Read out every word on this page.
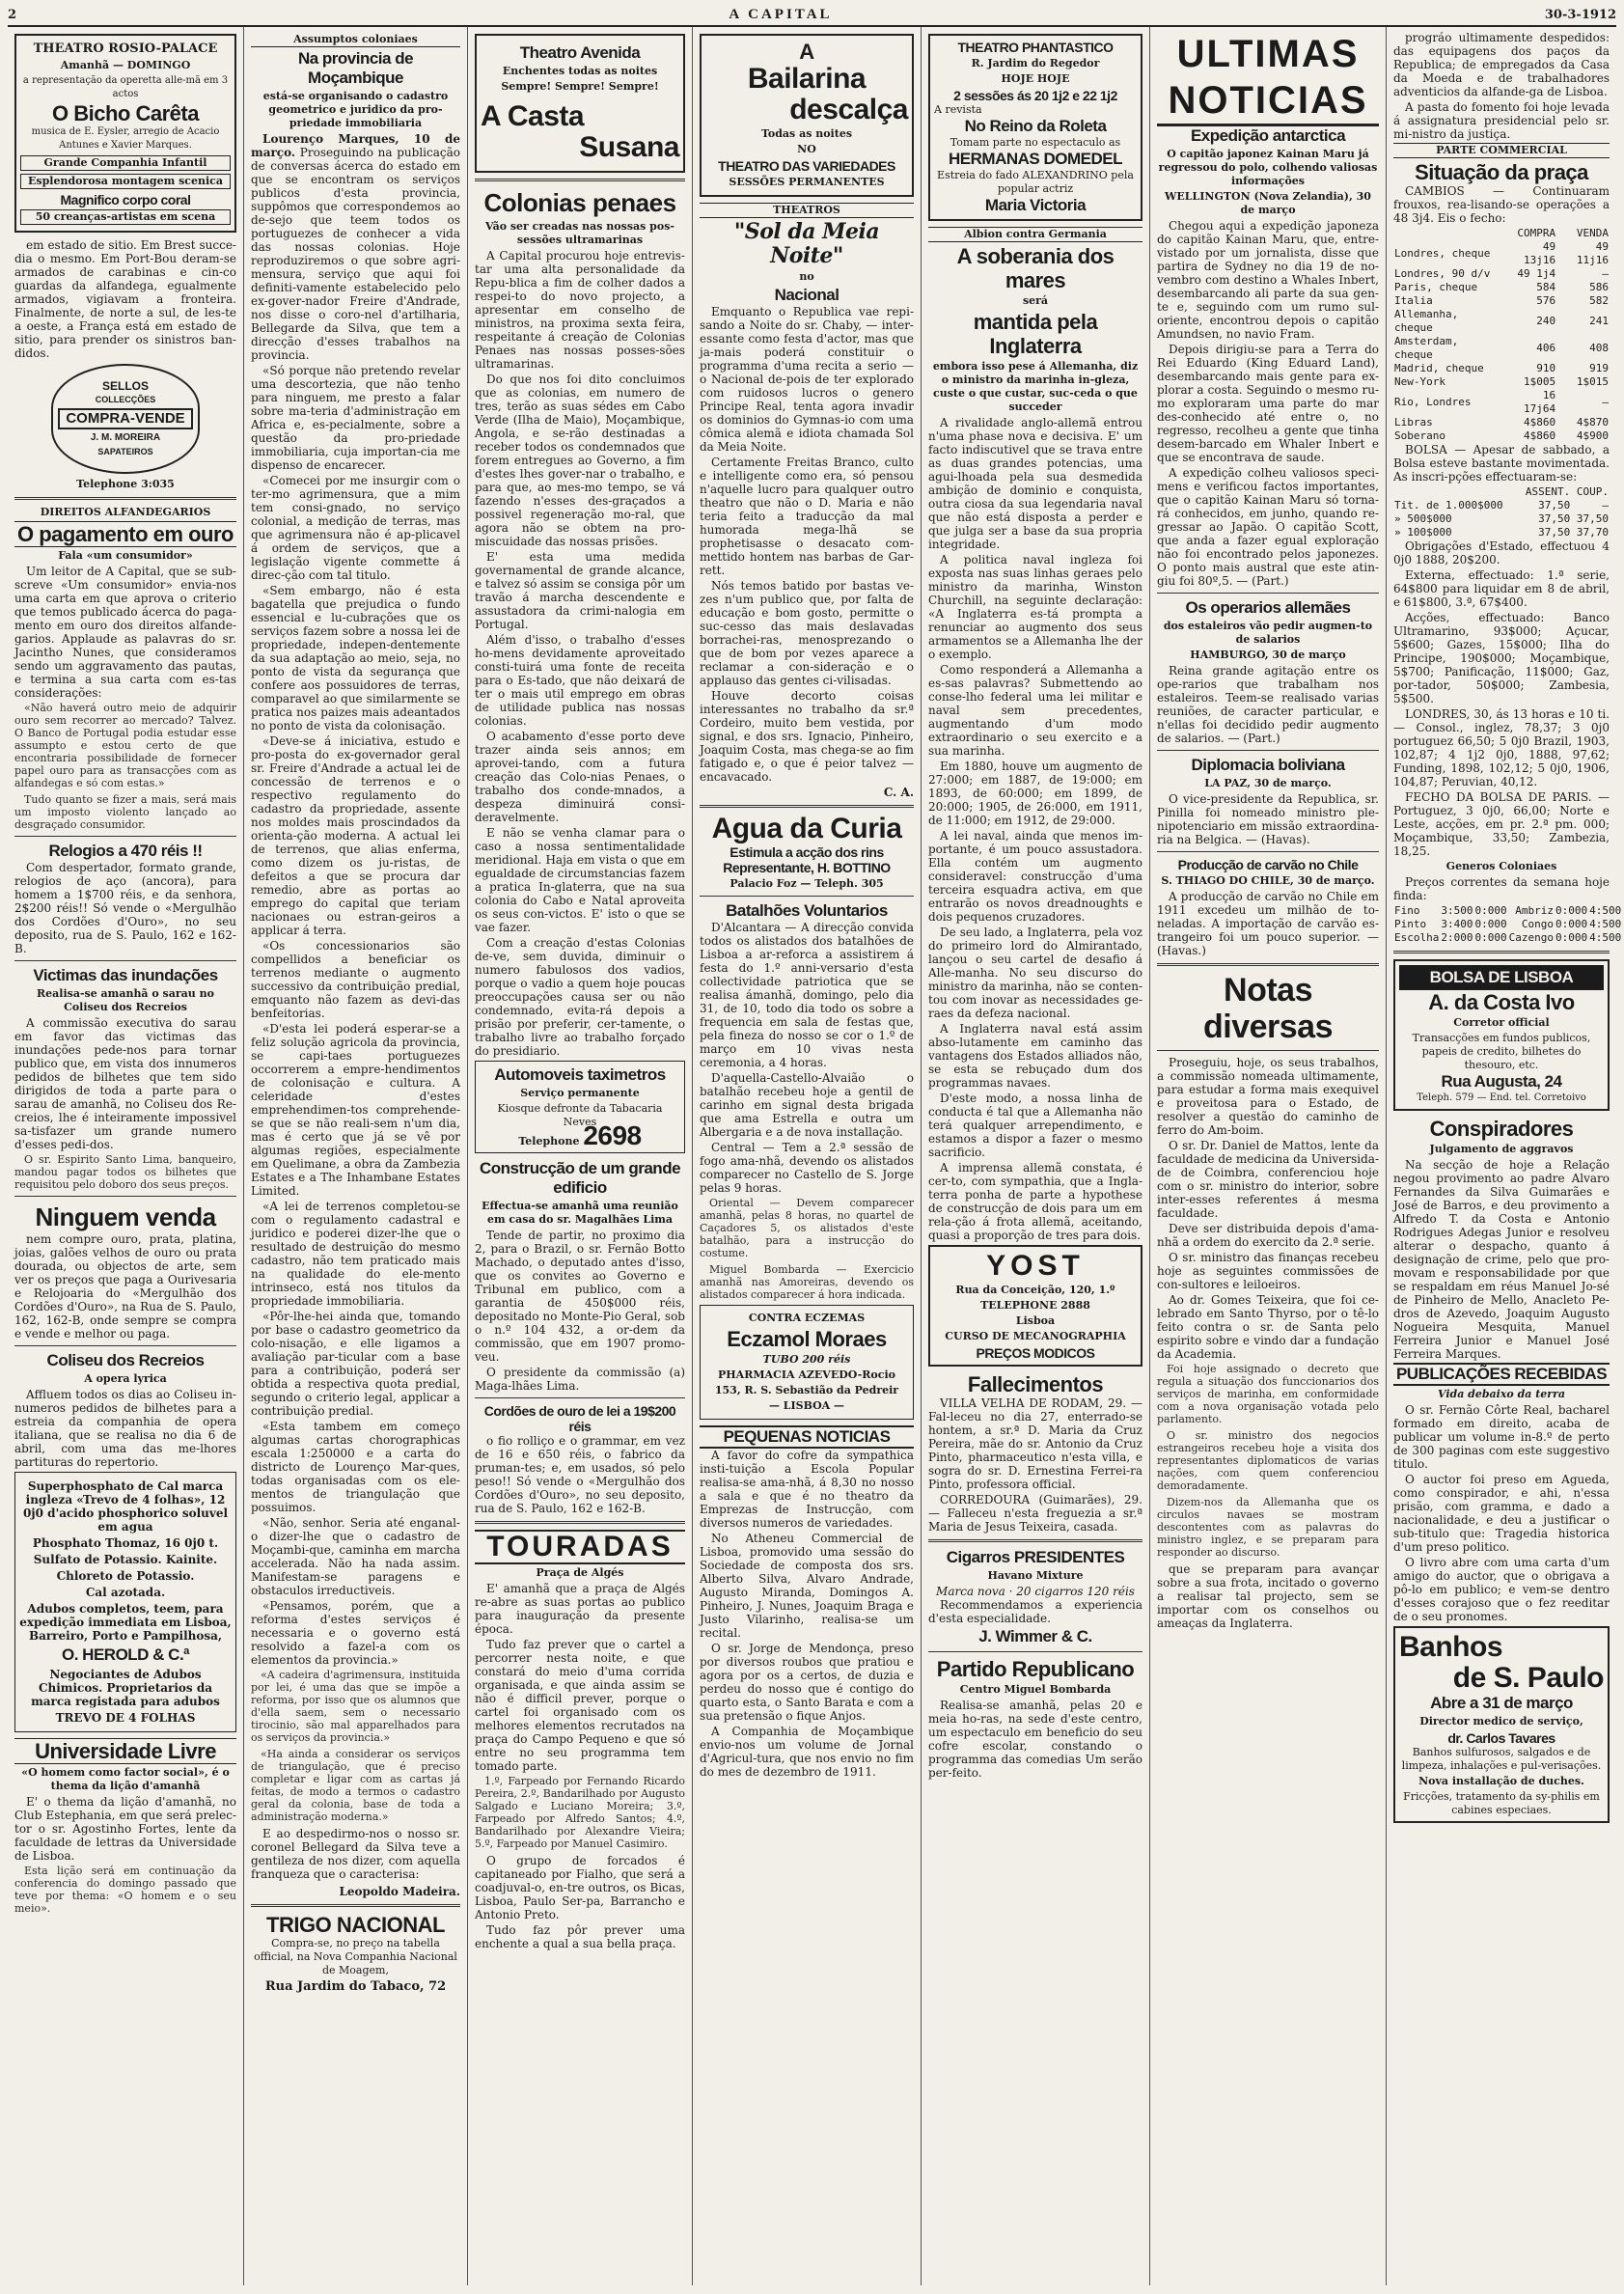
2	A CAPITAL	30-3-1912
THEATRO ROSIO-PALACE
Amanhã — DOMINGO
a representação da operetta alle-mã em 3 actos
O Bicho Carêta
musica de E. Eysler, arregio de Acacio Antunes e Xavier Marques.
Grande Companhia Infantil
Esplendorosa montagem scenica
Magnifico corpo coral
50 creanças-artistas em scena

em estado de sitio. Em Brest succe-dia o mesmo. Em Port-Bou deram-se armados de carabinas e cin-co guardas da alfandega, egualmente armados, vigiavam a fronteira. Finalmente, de norte a sul, de les-te a oeste, a França está em estado de sitio, para prender os sinistros ban-didos.

SELLOS
COLLECÇÕES
COMPRA-VENDE
J. M. MOREIRA
SAPATEIROS
Telephone 3:035
DIREITOS ALFANDEGARIOS
O pagamento em ouro
Fala «um consumidor»

Um leitor de A Capital, que se sub-screve «Um consumidor» envia-nos uma carta em que aprova o criterio que temos publicado ácerca do paga-mento em ouro dos direitos alfande-garios. Applaude as palavras do sr. Jacintho Nunes, que consideramos sendo um aggravamento das pautas, e termina a sua carta com es-tas considerações:

«Não haverá outro meio de adquirir ouro sem recorrer ao mercado? Talvez. O Banco de Portugal podia estudar esse assumpto e estou certo de que encontraria possibilidade de fornecer papel ouro para as transacções com as alfandegas e só com estas.»

Tudo quanto se fizer a mais, será mais um imposto violento lançado ao desgraçado consumidor.

Relogios a 470 réis !!

Com despertador, formato grande, relogios de aço (ancora), para homem a 1$700 réis, e da senhora, 2$200 réis!! Só vende o «Mergulhão dos Cordões d'Ouro», no seu deposito, rua de S. Paulo, 162 e 162-B.

Victimas das inundações
Realisa-se amanhã o sarau no Coliseu dos Recreios

A commissão executiva do sarau em favor das victimas das inundações pede-nos para tornar publico que, em vista dos innumeros pedidos de bilhetes que tem sido dirigidos de toda a parte para o sarau de amanhã, no Coliseu dos Re-creios, lhe é inteiramente impossivel sa-tisfazer um grande numero d'esses pedi-dos.

O sr. Espirito Santo Lima, banqueiro, mandou pagar todos os bilhetes que requisitou pelo doboro dos seus preços.

Ninguem venda

nem compre ouro, prata, platina, joias, galões velhos de ouro ou prata dourada, ou objectos de arte, sem ver os preços que paga a Ourivesaria e Relojoaria do «Mergulhão dos Cordões d'Ouro», na Rua de S. Paulo, 162, 162-B, onde sempre se compra e vende e melhor ou paga.

Coliseu dos Recreios
A opera lyrica

Affluem todos os dias ao Coliseu in-numeros pedidos de bilhetes para a estreia da companhia de opera italiana, que se realisa no dia 6 de abril, com uma das me-lhores partituras do repertorio.

Superphosphato de Cal marca ingleza «Trevo de 4 folhas», 12 0j0 d'acido phosphorico soluvel em agua
Phosphato Thomaz, 16 0j0 t.
Sulfato de Potassio. Kainite.
Chloreto de Potassio.
Cal azotada.
Adubos completos, teem, para expedição immediata em Lisboa, Barreiro, Porto e Pampilhosa,
O. HEROLD & C.ª
Negociantes de Adubos Chimicos. Proprietarios da marca registada para adubos
TREVO DE 4 FOLHAS
Universidade Livre
«O homem como factor social», é o thema da lição d'amanhã

E' o thema da lição d'amanhã, no Club Estephania, em que será prelec-tor o sr. Agostinho Fortes, lente da faculdade de lettras da Universidade de Lisboa.

Esta lição será em continuação da conferencia do domingo passado que teve por thema: «O homem e o seu meio».

Assumptos coloniaes
Na provincia de Moçambique
está-se organisando o cadastro geometrico e juridico da pro-priedade immobiliaria

Lourenço Marques, 10 de março. Proseguindo na publicação de conversas ácerca do estado em que se encontram os serviços publicos d'esta provincia, suppômos que correspondemos ao de-sejo que teem todos os portuguezes de conhecer a vida das nossas colonias. Hoje reproduziremos o que sobre agri-mensura, serviço que aqui foi definiti-vamente estabelecido pelo ex-gover-nador Freire d'Andrade, nos disse o coro-nel d'artilharia, Bellegarde da Silva, que tem a direcção d'esses trabalhos na provincia.

«Só porque não pretendo revelar uma descortezia, que não tenho para ninguem, me presto a falar sobre ma-teria d'administração em Africa e, es-pecialmente, sobre a questão da pro-priedade immobiliaria, cuja importan-cia me dispenso de encarecer.

«Comecei por me insurgir com o ter-mo agrimensura, que a mim tem consi-gnado, no serviço colonial, a medição de terras, mas que agrimensura não é ap-plicavel á ordem de serviços, que a legislação vigente commette á direc-ção com tal titulo.

«Sem embargo, não é esta bagatella que prejudica o fundo essencial e lu-cubrações que os serviços fazem sobre a nossa lei de propriedade, indepen-dentemente da sua adaptação ao meio, seja, no ponto de vista da segurança que confere aos possuidores de terras, comparavel ao que similarmente se pratica nos paizes mais adeantados no ponto de vista da colonisação.

«Deve-se á iniciativa, estudo e pro-posta do ex-governador geral sr. Freire d'Andrade a actual lei de concessão de terrenos e o respectivo regulamento do cadastro da propriedade, assente nos moldes mais proscindados da orienta-ção moderna. A actual lei de terrenos, que alias enferma, como dizem os ju-ristas, de defeitos a que se procura dar remedio, abre as portas ao emprego do capital que teriam nacionaes ou estran-geiros a applicar á terra.

«Os concessionarios são compellidos a beneficiar os terrenos mediante o augmento successivo da contribuição predial, emquanto não fazem as devi-das benfeitorias.

«D'esta lei poderá esperar-se a feliz solução agricola da provincia, se capi-taes portuguezes occorrerem a empre-hendimentos de colonisação e cultura. A celeridade d'estes emprehendimen-tos comprehende-se que se não reali-sem n'um dia, mas é certo que já se vê por algumas regiões, especialmente em Quelimane, a obra da Zambezia Estates e a The Inhambane Estates Limited.

«A lei de terrenos completou-se com o regulamento cadastral e juridico e poderei dizer-lhe que o resultado de destruição do mesmo cadastro, não tem praticado mais na qualidade do ele-mento intrinseco, está nos titulos da propriedade immobiliaria.

«Pôr-lhe-hei ainda que, tomando por base o cadastro geometrico da colo-nisação, e elle ligamos a avaliação par-ticular com a base para a contribuição, poderá ser obtida a respectiva quota predial, segundo o criterio legal, applicar a contribuição predial.

«Esta tambem em começo algumas cartas chorographicas escala 1:250000 e a carta do districto de Lourenço Mar-ques, todas organisadas com os ele-mentos de triangulação que possuimos.

«Não, senhor. Seria até enganal-o dizer-lhe que o cadastro de Moçambi-que, caminha em marcha accelerada. Não ha nada assim. Manifestam-se paragens e obstaculos irreductiveis.

«Pensamos, porém, que a reforma d'estes serviços é necessaria e o governo está resolvido a fazel-a com os elementos da provincia.»

«A cadeira d'agrimensura, instituida por lei, é uma das que se impõe a reforma, por isso que os alumnos que d'ella saem, sem o necessario tirocinio, são mal apparelhados para os serviços da provincia.»

«Ha ainda a considerar os serviços de triangulação, que é preciso completar e ligar com as cartas já feitas, de modo a termos o cadastro geral da colonia, base de toda a administração moderna.»

E ao despedirmo-nos o nosso sr. coronel Bellegard da Silva teve a gentileza de nos dizer, com aquella franqueza que o caracterisa:

Leopoldo Madeira.
TRIGO NACIONAL
Compra-se, no preço na tabella official, na Nova Companhia Nacional de Moagem,
Rua Jardim do Tabaco, 72
Theatro Avenida
Enchentes todas as noites
Sempre! Sempre! Sempre!
A Casta
Susana
Colonias penaes
Vão ser creadas nas nossas pos-sessões ultramarinas

A Capital procurou hoje entrevis-tar uma alta personalidade da Repu-blica a fim de colher dados a respei-to do novo projecto, a apresentar em conselho de ministros, na proxima sexta feira, respeitante á creação de Colonias Penaes nas nossas posses-sões ultramarinas.

Do que nos foi dito concluimos que as colonias, em numero de tres, terão as suas sédes em Cabo Verde (Ilha de Maio), Moçambique, Angola, e se-rão destinadas a receber todos os condemnados que forem entregues ao Governo, a fim d'estes lhes gover-nar o trabalho, e para que, ao mes-mo tempo, se vá fazendo n'esses des-graçados a possivel regeneração mo-ral, que agora não se obtem na pro-miscuidade das nossas prisões.

E' esta uma medida governamental de grande alcance, e talvez só assim se consiga pôr um travão á marcha descendente e assustadora da crimi-nalogia em Portugal.

Além d'isso, o trabalho d'esses ho-mens devidamente aproveitado consti-tuirá uma fonte de receita para o Es-tado, que não deixará de ter o mais util emprego em obras de utilidade publica nas nossas colonias.

O acabamento d'esse porto deve trazer ainda seis annos; em aprovei-tando, com a futura creação das Colo-nias Penaes, o trabalho dos conde-mnados, a despeza diminuirá consi-deravelmente.

E não se venha clamar para o caso a nossa sentimentalidade meridional. Haja em vista o que em egualdade de circumstancias fazem a pratica In-glaterra, que na sua colonia do Cabo e Natal aproveita os seus con-victos. E' isto o que se vae fazer.

Com a creação d'estas Colonias de-ve, sem duvida, diminuir o numero fabulosos dos vadios, porque o vadio a quem hoje poucas preoccupações causa ser ou não condemnado, evita-rá depois a prisão por preferir, cer-tamente, o trabalho livre ao trabalho forçado do presidiario.

Automoveis taximetros
Serviço permanente
Kiosque defronte da Tabacaria Neves
Telephone 2698
Construcção de um grande edificio
Effectua-se amanhã uma reunião em casa do sr. Magalhães Lima

Tende de partir, no proximo dia 2, para o Brazil, o sr. Fernão Botto Machado, o deputado antes d'isso, que os convites ao Governo e Tribunal em publico, com a garantia de 450$000 réis, depositado no Monte-Pio Geral, sob o n.º 104 432, a or-dem da commissão, que em 1907 promo-veu.

O presidente da commissão (a) Maga-lhães Lima.

Cordões de ouro de lei a 19$200 réis

o fio rolliço e o grammar, em vez de 16 e 650 réis, o fabrico da pruman-tes; e, em usados, só pelo peso!! Só vende o «Mergulhão dos Cordões d'Ouro», no seu deposito, rua de S. Paulo, 162 e 162-B.

TOURADAS
Praça de Algés

E' amanhã que a praça de Algés re-abre as suas portas ao publico para inauguração da presente época.

Tudo faz prever que o cartel a percorrer nesta noite, e que constará do meio d'uma corrida organisada, e que ainda assim se não é difficil prever, porque o cartel foi organisado com os melhores elementos recrutados na praça do Campo Pequeno e que só entre no seu programma tem tomado parte.

1.º, Farpeado por Fernando Ricardo Pereira, 2.º, Bandarilhado por Augusto Salgado e Luciano Moreira; 3.º, Farpeado por Alfredo Santos; 4.º, Bandarilhado por Alexandre Vieira; 5.º, Farpeado por Manuel Casimiro.

O grupo de forcados é capitaneado por Fialho, que será a coadjuval-o, en-tre outros, os Bicas, Lisboa, Paulo Ser-pa, Barrancho e Antonio Preto.

Tudo faz pôr prever uma enchente a qual a sua bella praça.

A
Bailarina
descalça
Todas as noites
NO
THEATRO DAS VARIEDADES
SESSÕES PERMANENTES
THEATROS
"Sol da Meia Noite"
no
Nacional

Emquanto o Republica vae repi-sando a Noite do sr. Chaby, — inter-essante como festa d'actor, mas que ja-mais poderá constituir o programma d'uma recita a serio — o Nacional de-pois de ter explorado com ruidosos lucros o genero Principe Real, tenta agora invadir os dominios do Gymnas-io com uma cômica alemã e idiota chamada Sol da Meia Noite.

Certamente Freitas Branco, culto e intelligente como era, só pensou n'aquelle lucro para qualquer outro theatro que não o D. Maria e não teria feito a traducção da mal humorada mega-lhã se prophetisasse o desacato com-mettido hontem nas barbas de Gar-rett.

Nós temos batido por bastas ve-zes n'um publico que, por falta de educação e bom gosto, permitte o suc-cesso das mais deslavadas borrachei-ras, menosprezando o que de bom por vezes aparece a reclamar a con-sideração e o applauso das gentes ci-vilisadas.

Houve decorto coisas interessantes no trabalho da sr.ª Cordeiro, muito bem vestida, por signal, e dos srs. Ignacio, Pinheiro, Joaquim Costa, mas chega-se ao fim fatigado e, o que é peior talvez — encavacado.

C. A.
Agua da Curia
Estimula a acção dos rins
Representante, H. BOTTINO
Palacio Foz — Teleph. 305
Batalhões Voluntarios

D'Alcantara — A direcção convida todos os alistados dos batalhões de Lisboa a ar-reforca a assistirem á festa do 1.º anni-versario d'esta collectividade patriotica que se realisa ámanhã, domingo, pelo dia 31, de 10, todo dia todo os sobre a frequencia em sala de festas que, pela fineza do nosso se cor o 1.º de março em 10 vivas nesta ceremonia, a 4 horas.

D'aquella-Castello-Alvaião o batalhão recebeu hoje a gentil de carinho em signal desta brigada que ama Estrella e outra um Albergaria e a de nova installação.

Central — Tem a 2.ª sessão de fogo ama-nhã, devendo os alistados comparecer no Castello de S. Jorge pelas 9 horas.

Oriental — Devem comparecer amanhã, pelas 8 horas, no quartel de Caçadores 5, os alistados d'este batalhão, para a instrucção do costume.

Miguel Bombarda — Exercicio amanhã nas Amoreiras, devendo os alistados comparecer á hora indicada.

CONTRA ECZEMAS
Eczamol Moraes
TUBO 200 réis
PHARMACIA AZEVEDO-Rocio
153, R. S. Sebastião da Pedreir
— LISBOA —
PEQUENAS NOTICIAS

A favor do cofre da sympathica insti-tuição a Escola Popular realisa-se ama-nhã, á 8,30 no nosso a sala e que é no theatro da Emprezas de Instrucção, com diversos numeros de variedades.

No Atheneu Commercial de Lisboa, promovido uma sessão do Sociedade de composta dos srs. Alberto Silva, Alvaro Andrade, Augusto Miranda, Domingos A. Pinheiro, J. Nunes, Joaquim Braga e Justo Vilarinho, realisa-se um recital.

O sr. Jorge de Mendonça, preso por diversos roubos que pratiou e agora por os a certos, de duzia e perdeu do nosso que é contigo do quarto esta, o Santo Barata e com a sua pretensão o fique Anjos.

A Companhia de Moçambique envio-nos um volume de Jornal d'Agricul-tura, que nos envio no fim do mes de dezembro de 1911.

THEATRO PHANTASTICO
R. Jardim do Regedor
HOJE HOJE
2 sessões ás 20 1j2 e 22 1j2
A revista
No Reino da Roleta
Tomam parte no espectaculo as
HERMANAS DOMEDEL
Estreia do fado ALEXANDRINO pela popular actriz
Maria Victoria
Albion contra Germania
A soberania dos mares
será
mantida pela Inglaterra
embora isso pese á Allemanha, diz o ministro da marinha in-gleza, custe o que custar, suc-ceda o que succeder

A rivalidade anglo-allemã entrou n'uma phase nova e decisiva. E' um facto indiscutivel que se trava entre as duas grandes potencias, uma agui-lhoada pela sua desmedida ambição de dominio e conquista, outra ciosa da sua legendaria naval que não está disposta a perder e que julga ser a base da sua propria integridade.

A politica naval ingleza foi exposta nas suas linhas geraes pelo ministro da marinha, Winston Churchill, na seguinte declaração: «A Inglaterra es-tá prompta a renunciar ao augmento dos seus armamentos se a Allemanha lhe der o exemplo.

Como responderá a Allemanha a es-sas palavras? Submettendo ao conse-lho federal uma lei militar e naval sem precedentes, augmentando d'um modo extraordinario o seu exercito e a sua marinha.

Em 1880, houve um augmento de 27:000; em 1887, de 19:000; em 1893, de 60:000; em 1899, de 20:000; 1905, de 26:000, em 1911, de 11:000; em 1912, de 29:000.

A lei naval, ainda que menos im-portante, é um pouco assustadora. Ella contém um augmento consideravel: construcção d'uma terceira esquadra activa, em que entrarão os novos dreadnoughts e dois pequenos cruzadores.

De seu lado, a Inglaterra, pela voz do primeiro lord do Almirantado, lançou o seu cartel de desafio á Alle-manha. No seu discurso do ministro da marinha, não se conten-tou com inovar as necessidades ge-raes da defeza nacional.

A Inglaterra naval está assim abso-lutamente em caminho das vantagens dos Estados alliados não, se esta se rebuçado dum dos programmas navaes.

D'este modo, a nossa linha de conducta é tal que a Allemanha não terá qualquer arrependimento, e estamos a dispor a fazer o mesmo sacrificio.

A imprensa allemã constata, é cer-to, com sympathia, que a Ingla-terra ponha de parte a hypothese de construcção de dois para um em rela-ção á frota allemã, aceitando, quasi a proporção de tres para dois.

YOST
Rua da Conceição, 120, 1.º
TELEPHONE 2888
Lisboa
CURSO DE MECANOGRAPHIA
PREÇOS MODICOS
Fallecimentos

VILLA VELHA DE RODAM, 29. — Fal-leceu no dia 27, enterrado-se hontem, a sr.ª D. Maria da Cruz Pereira, mãe do sr. Antonio da Cruz Pinto, pharmaceutico n'esta villa, e sogra do sr. D. Ernestina Ferrei-ra Pinto, professora official.

CORREDOURA (Guimarães), 29. — Falleceu n'esta freguezia a sr.ª Maria de Jesus Teixeira, casada.

Cigarros PRESIDENTES
Havano Mixture
Marca nova · 20 cigarros 120 réis

Recommendamos a experiencia d'esta especialidade.

J. Wimmer & C.
Partido Republicano
Centro Miguel Bombarda

Realisa-se amanhã, pelas 20 e meia ho-ras, na sede d'este centro, um espectaculo em beneficio do seu cofre escolar, constando o programma das comedias Um serão per-feito.

ULTIMAS NOTICIAS
Expedição antarctica
O capitão japonez Kainan Maru já regressou do polo, colhendo valiosas informações
WELLINGTON (Nova Zelandia), 30 de março

Chegou aqui a expedição japoneza do capitão Kainan Maru, que, entre-vistado por um jornalista, disse que partira de Sydney no dia 19 de no-vembro com destino a Whales Inbert, desembarcando ali parte da sua gen-te e, seguindo com um rumo sul-oriente, encontrou depois o capitão Amundsen, no navio Fram.

Depois dirigiu-se para a Terra do Rei Eduardo (King Eduard Land), desembarcando mais gente para ex-plorar a costa. Seguindo o mesmo ru-mo exploraram uma parte do mar des-conhecido até entre o, no regresso, recolheu a gente que tinha desem-barcado em Whaler Inbert e que se encontrava de saude.

A expedição colheu valiosos speci-mens e verificou factos importantes, que o capitão Kainan Maru só torna-rá conhecidos, em junho, quando re-gressar ao Japão. O capitão Scott, que anda a fazer egual exploração não foi encontrado pelos japonezes. O ponto mais austral que este atin-giu foi 80º,5. — (Part.)

Os operarios allemães
dos estaleiros vão pedir augmen-to de salarios
HAMBURGO, 30 de março

Reina grande agitação entre os ope-rarios que trabalham nos estaleiros. Teem-se realisado varias reuniões, de caracter particular, e n'ellas foi decidido pedir augmento de salarios. — (Part.)

Diplomacia boliviana
LA PAZ, 30 de março.

O vice-presidente da Republica, sr. Pinilla foi nomeado ministro ple-nipotenciario em missão extraordina-ria na Belgica. — (Havas).

Producção de carvão no Chile
S. THIAGO DO CHILE, 30 de março.

A producção de carvão no Chile em 1911 excedeu um milhão de to-neladas. A importação de carvão es-trangeiro foi um pouco superior. — (Havas.)

Notas diversas

Proseguiu, hoje, os seus trabalhos, a commissão nomeada ultimamente, para estudar a forma mais exequivel e proveitosa para o Estado, de resolver a questão do caminho de ferro do Am-boim.

O sr. Dr. Daniel de Mattos, lente da faculdade de medicina da Universida-de de Coimbra, conferenciou hoje com o sr. ministro do interior, sobre inter-esses referentes á mesma faculdade.

Deve ser distribuida depois d'ama-nhã a ordem do exercito da 2.ª serie.

O sr. ministro das finanças recebeu hoje as seguintes commissões de con-sultores e leiloeiros.

Ao dr. Gomes Teixeira, que foi ce-lebrado em Santo Thyrso, por o tê-lo feito contra o sr. de Santa pelo espirito sobre e vindo dar a fundação da Academia.

Foi hoje assignado o decreto que regula a situação dos funccionarios dos serviços de marinha, em conformidade com a nova organisação votada pelo parlamento.

O sr. ministro dos negocios estrangeiros recebeu hoje a visita dos representantes diplomaticos de varias nações, com quem conferenciou demoradamente.

Dizem-nos da Allemanha que os circulos navaes se mostram descontentes com as palavras do ministro inglez, e se preparam para responder ao discurso.

que se preparam para avançar sobre a sua frota, incitado o governo a realisar tal projecto, sem se importar com os conselhos ou ameaças da Inglaterra.

prográo ultimamente despedidos: das equipagens dos paços da Republica; de empregados da Casa da Moeda e de trabalhadores adventicios da alfande-ga de Lisboa.

A pasta do fomento foi hoje levada á assignatura presidencial pelo sr. mi-nistro da justiça.

PARTE COMMERCIAL
Situação da praça

CAMBIOS — Continuaram frouxos, rea-lisando-se operações a 48 3j4. Eis o fecho:

	COMPRA	VENDA
Londres, cheque	49 13j16	49 11j16
Londres, 90 d/v	49 1j4	—
Paris, cheque	584	586
Italia	576	582
Allemanha, cheque	240	241
Amsterdam, cheque	406	408
Madrid, cheque	910	919
New-York	1$005	1$015
Rio, Londres	16 17j64	—
Libras	4$860	4$870
Soberano	4$860	4$900

BOLSA — Apesar de sabbado, a Bolsa esteve bastante movimentada. As inscri-pções effectuaram-se:

	ASSENT.	COUP.
Tit. de 1.000$000	37,50	—
» 500$000	37,50	37,50
» 100$000	37,50	37,70

Obrigações d'Estado, effectuou 4 0j0 1888, 20$200.

Externa, effectuado: 1.ª serie, 64$800 para liquidar em 8 de abril, e 61$800, 3.ª, 67$400.

Acções, effectuado: Banco Ultramarino, 93$000; Açucar, 5$600; Gazes, 15$000; Ilha do Principe, 190$000; Moçambique, 5$700; Panificação, 11$000; Gaz, por-tador, 50$000; Zambesia, 5$500.

LONDRES, 30, ás 13 horas e 10 ti. — Consol., inglez, 78,37; 3 0j0 portuguez 66,50; 5 0j0 Brazil, 1903, 102,87; 4 1j2 0j0, 1888, 97,62; Funding, 1898, 102,12; 5 0j0, 1906, 104,87; Peruvian, 40,12.

FECHO DA BOLSA DE PARIS. — Portuguez, 3 0j0, 66,00; Norte e Leste, acções, em pr. 2.ª pm. 000; Moçambique, 33,50; Zambezia, 18,25.

Generos Coloniaes

Preços correntes da semana hoje finda:

Fino	3:500	0:000	Ambriz	0:000	4:500
Pinto	3:400	0:000	Congo	0:000	4:500
Escolha	2:000	0:000	Cazengo	0:000	4:500
BOLSA DE LISBOA
A. da Costa Ivo
Corretor official
Transacções em fundos publicos, papeis de credito, bilhetes do thesouro, etc.
Rua Augusta, 24
Teleph. 579 — End. tel. Corretoivo
Conspiradores
Julgamento de aggravos

Na secção de hoje a Relação negou provimento ao padre Alvaro Fernandes da Silva Guimarães e José de Barros, e deu provimento a Alfredo T. da Costa e Antonio Rodrigues Adegas Junior e resolveu alterar o despacho, quanto á designação de crime, pelo que pro-movam e responsabilidade por que se respaldam em réus Manuel Jo-sé de Pinheiro de Mello, Anacleto Pe-dros de Azevedo, Joaquim Augusto Nogueira Mesquita, Manuel Ferreira Junior e Manuel José Ferreira Marques.

PUBLICAÇÕES RECEBIDAS
Vida debaixo da terra

O sr. Fernão Côrte Real, bacharel formado em direito, acaba de publicar um volume in-8.º de perto de 300 paginas com este suggestivo titulo.

O auctor foi preso em Agueda, como conspirador, e ahi, n'essa prisão, com gramma, e dado a nacionalidade, e deu a justificar o sub-titulo que: Tragedia historica d'um preso politico.

O livro abre com uma carta d'um amigo do auctor, que o obrigava a pô-lo em publico; e vem-se dentro d'esses corajoso que o fez reeditar de o seu pronomes.

Banhos
de S. Paulo
Abre a 31 de março
Director medico de serviço,
dr. Carlos Tavares
Banhos sulfurosos, salgados e de limpeza, inhalações e pul-verisações.
Nova installação de duches.
Fricções, tratamento da sy-philis em cabines especiaes.
